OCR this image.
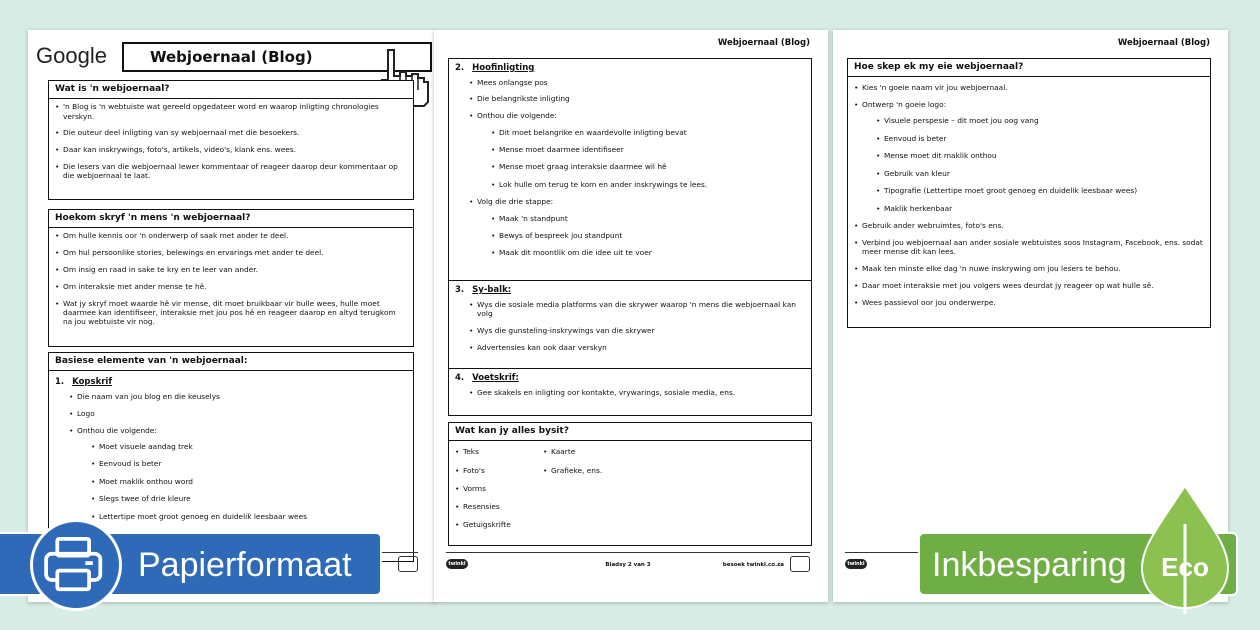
Google	Webjoernaal (Blog)
Wat is 'n webjoernaal?
• 'n Blog is 'n webtuiste wat gereeld opgedateer word en waarop inligting chronologies verskyn.
• Die outeur deel inligting van sy webjoernaal met die besoekers.
• Daar kan inskrywings, foto's, artikels, video's, klank ens. wees.
• Die lesers van die webjoernaal lewer kommentaar of reageer daarop deur kommentaar op die webjoernaal te laat.
Hoekom skryf 'n mens 'n webjoernaal?
• Om hulle kennis oor 'n onderwerp of saak met ander te deel.
• Om hul persoonlike stories, belewings en ervarings met ander te deel.
• Om insig en raad in sake te kry en te leer van ander.
• Om interaksie met ander mense te hê.
• Wat jy skryf moet waarde hê vir mense, dit moet bruikbaar vir hulle wees, hulle moet daarmee kan identifiseer, interaksie met jou pos hê en reageer daarop en altyd terugkom na jou webtuiste vir nog.
Basiese elemente van 'n webjoernaal:
1. Kopskrif
• Die naam van jou blog en die keuselys
• Logo
• Onthou die volgende:
• Moet visuele aandag trek
• Eenvoud is beter
• Moet maklik onthou word
• Slegs twee of drie kleure
• Lettertipe moet groot genoeg en duidelik leesbaar wees
Webjoernaal (Blog)
2. Hoofinligting
• Mees onlangse pos
• Die belangrikste inligting
• Onthou die volgende:
• Dit moet belangrike en waardevolle inligting bevat
• Mense moet daarmee identifiseer
• Mense moet graag interaksie daarmee wil hê
• Lok hulle om terug te kom en ander inskrywings te lees.
• Volg die drie stappe:
• Maak 'n standpunt
• Bewys of bespreek jou standpunt
• Maak dit moontlik om die idee uit te voer
3. Sy-balk:
• Wys die sosiale media platforms van die skrywer waarop 'n mens die webjoernaal kan volg
• Wys die gunsteling-inskrywings van die skrywer
• Advertensies kan ook daar verskyn
4. Voetskrif:
• Gee skakels en inligting oor kontakte, vrywarings, sosiale media, ens.
Wat kan jy alles bysit?
• Teks
• Foto's
• Vorms
• Resensies
• Getuigskrifte
• Kaarte
• Grafieke, ens.
twinkl	Bladsy 2 van 3	besoek twinkl.co.za
Webjoernaal (Blog)
Hoe skep ek my eie webjoernaal?
• Kies 'n goeie naam vir jou webjoernaal.
• Ontwerp 'n goeie logo:
• Visuele perspesie – dit moet jou oog vang
• Eenvoud is beter
• Mense moet dit maklik onthou
• Gebruik van kleur
• Tipografie (Lettertipe moet groot genoeg en duidelik leesbaar wees)
• Maklik herkenbaar
• Gebruik ander webruimtes, foto's ens.
• Verbind jou webjoernaal aan ander sosiale webtuistes soos Instagram, Facebook, ens. sodat meer mense dit kan lees.
• Maak ten minste elke dag 'n nuwe inskrywing om jou lesers te behou.
• Daar moet interaksie met jou volgers wees deurdat jy reageer op wat hulle sê.
• Wees passievol oor jou onderwerpe.
twinkl
Papierformaat	Inkbesparing Eco
